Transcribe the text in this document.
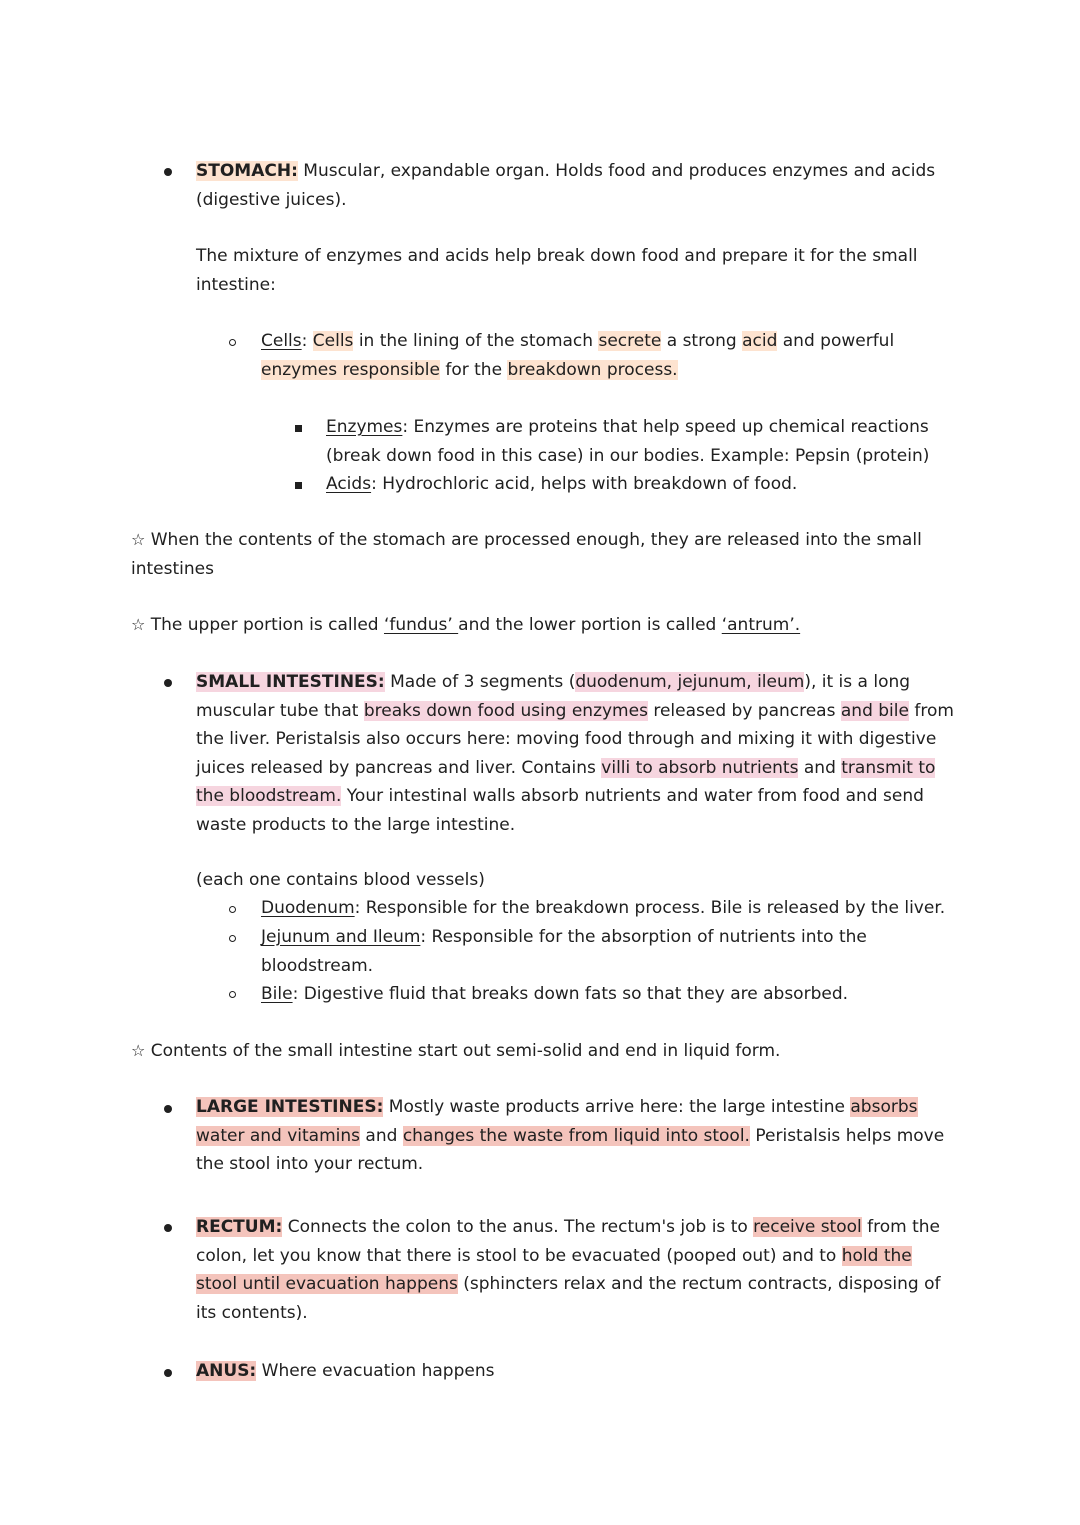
STOMACH: Muscular, expandable organ. Holds food and produces enzymes and acids (digestive juices).

The mixture of enzymes and acids help break down food and prepare it for the small intestine:

Cells: Cells in the lining of the stomach secrete a strong acid and powerful enzymes responsible for the breakdown process.

Enzymes: Enzymes are proteins that help speed up chemical reactions (break down food in this case) in our bodies. Example: Pepsin (protein)

Acids: Hydrochloric acid, helps with breakdown of food.

☆ When the contents of the stomach are processed enough, they are released into the small intestines

☆ The upper portion is called ‘fundus’ and the lower portion is called ‘antrum’.

SMALL INTESTINES: Made of 3 segments (duodenum, jejunum, ileum), it is a long muscular tube that breaks down food using enzymes released by pancreas and bile from the liver. Peristalsis also occurs here: moving food through and mixing it with digestive juices released by pancreas and liver. Contains villi to absorb nutrients and transmit to the bloodstream. Your intestinal walls absorb nutrients and water from food and send waste products to the large intestine.

(each one contains blood vessels)

Duodenum: Responsible for the breakdown process. Bile is released by the liver.

Jejunum and Ileum: Responsible for the absorption of nutrients into the bloodstream.

Bile: Digestive fluid that breaks down fats so that they are absorbed.

☆ Contents of the small intestine start out semi-solid and end in liquid form.

LARGE INTESTINES: Mostly waste products arrive here: the large intestine absorbs water and vitamins and changes the waste from liquid into stool. Peristalsis helps move the stool into your rectum.

RECTUM: Connects the colon to the anus. The rectum's job is to receive stool from the colon, let you know that there is stool to be evacuated (pooped out) and to hold the stool until evacuation happens (sphincters relax and the rectum contracts, disposing of its contents).

ANUS: Where evacuation happens
